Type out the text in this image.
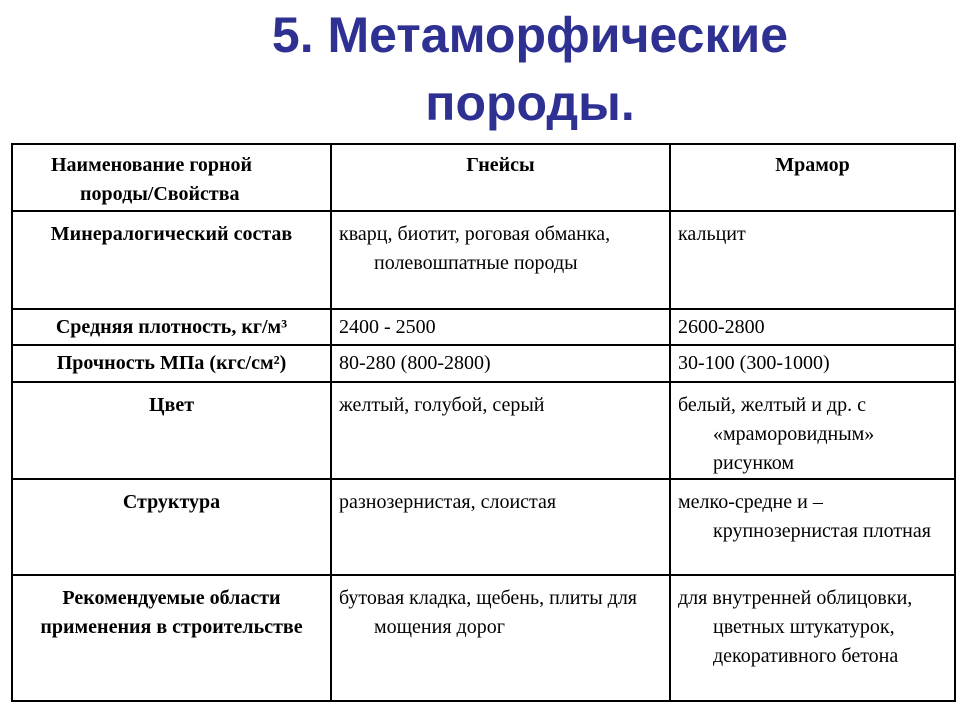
5. Метаморфические
породы.
Наименование горной
породы/Свойства	Гнейсы	Мрамор
Минералогический состав	кварц, биотит, роговая обманка, полевошпатные породы	кальцит

Средняя плотность, кг/м³	2400 - 2500	2600-2800

Прочность МПа (кгс/см²)	80-280 (800-2800)	30-100 (300-1000)

Цвет	желтый, голубой, серый	белый, желтый и др. с «мраморовидным» рисунком

Структура	разнозернистая, слоистая	мелко-средне и – крупнозернистая плотная

Рекомендуемые области применения в строительстве	бутовая кладка, щебень, плиты для мощения дорог	для внутренней облицовки, цветных штукатурок, декоративного бетона
